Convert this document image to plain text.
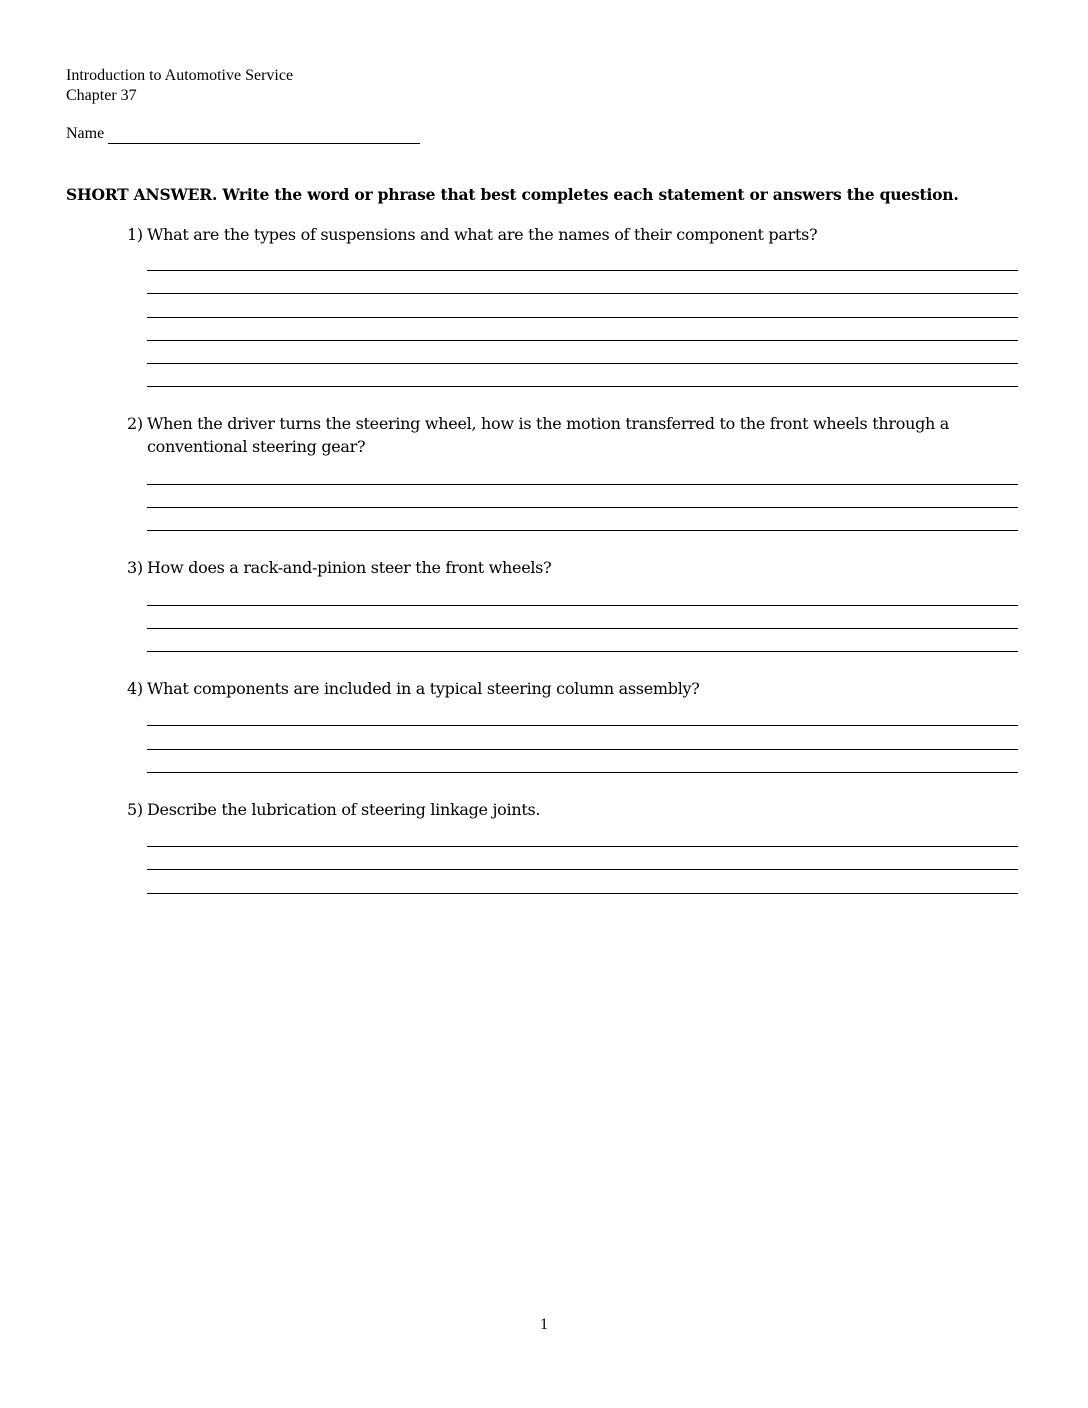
Introduction to Automotive Service
Chapter 37
Name
SHORT ANSWER. Write the word or phrase that best completes each statement or answers the question.
1) What are the types of suspensions and what are the names of their component parts?
2) When the driver turns the steering wheel, how is the motion transferred to the front wheels through a
conventional steering gear?
3) How does a rack-and-pinion steer the front wheels?
4) What components are included in a typical steering column assembly?
5) Describe the lubrication of steering linkage joints.
1
